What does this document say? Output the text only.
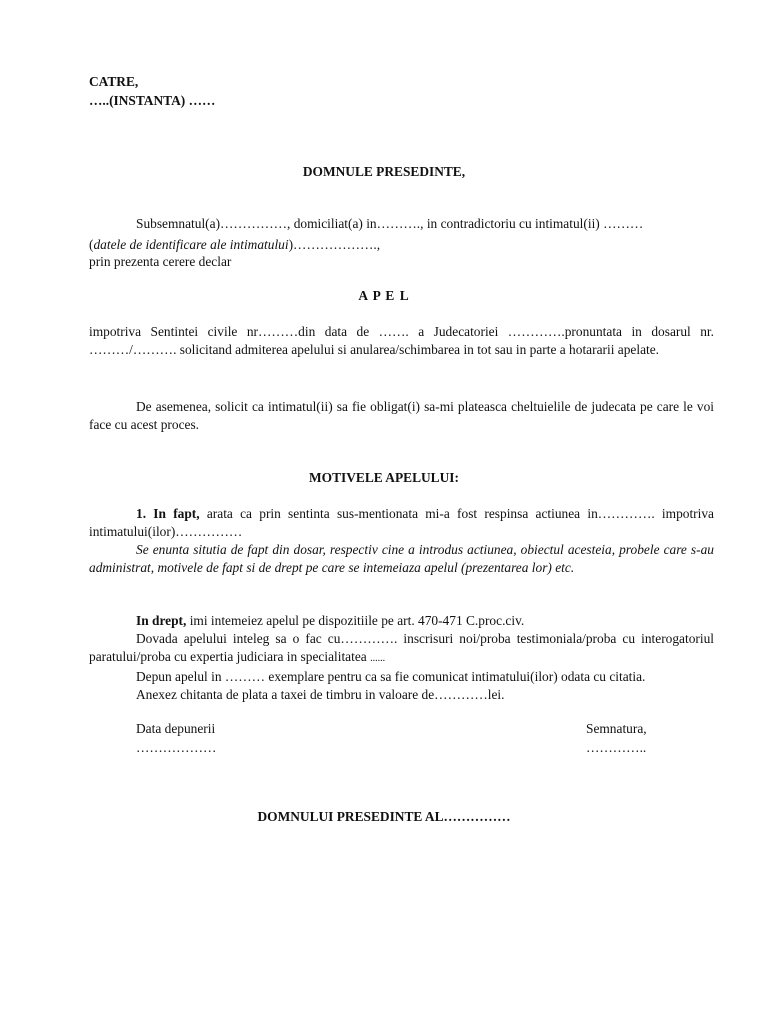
CATRE,
…..(INSTANTA) ……
DOMNULE PRESEDINTE,
Subsemnatul(a)……………, domiciliat(a) in………., in contradictoriu cu intimatul(ii) ………
(datele de identificare ale intimatului)……………….,
prin prezenta cerere declar
A P E L

impotriva Sentintei civile nr………din data de ……. a Judecatoriei ………….pronuntata in dosarul nr. ………/………. solicitand admiterea apelului si anularea/schimbarea in tot sau in parte a hotararii apelate.

De asemenea, solicit ca intimatul(ii) sa fie obligat(i) sa-mi plateasca cheltuielile de judecata pe care le voi face cu acest proces.

MOTIVELE APELULUI:

1. In fapt, arata ca prin sentinta sus-mentionata mi-a fost respinsa actiunea in…………. impotriva intimatului(ilor)……………

Se enunta situtia de fapt din dosar, respectiv cine a introdus actiunea, obiectul acesteia, probele care s-au administrat, motivele de fapt si de drept pe care se intemeiaza apelul (prezentarea lor) etc.

In drept, imi intemeiez apelul pe dispozitiile pe art. 470-471 C.proc.civ.

Dovada apelului inteleg sa o fac cu…………. inscrisuri noi/proba testimoniala/proba cu interogatoriul paratului/proba cu expertia judiciara in specialitatea ......

Depun apelul in ……… exemplare pentru ca sa fie comunicat intimatului(ilor) odata cu citatia.

Anexez chitanta de plata a taxei de timbru in valoare de…………lei.

Data depunerii
………………
Semnatura,
…………..
DOMNULUI PRESEDINTE AL……………
